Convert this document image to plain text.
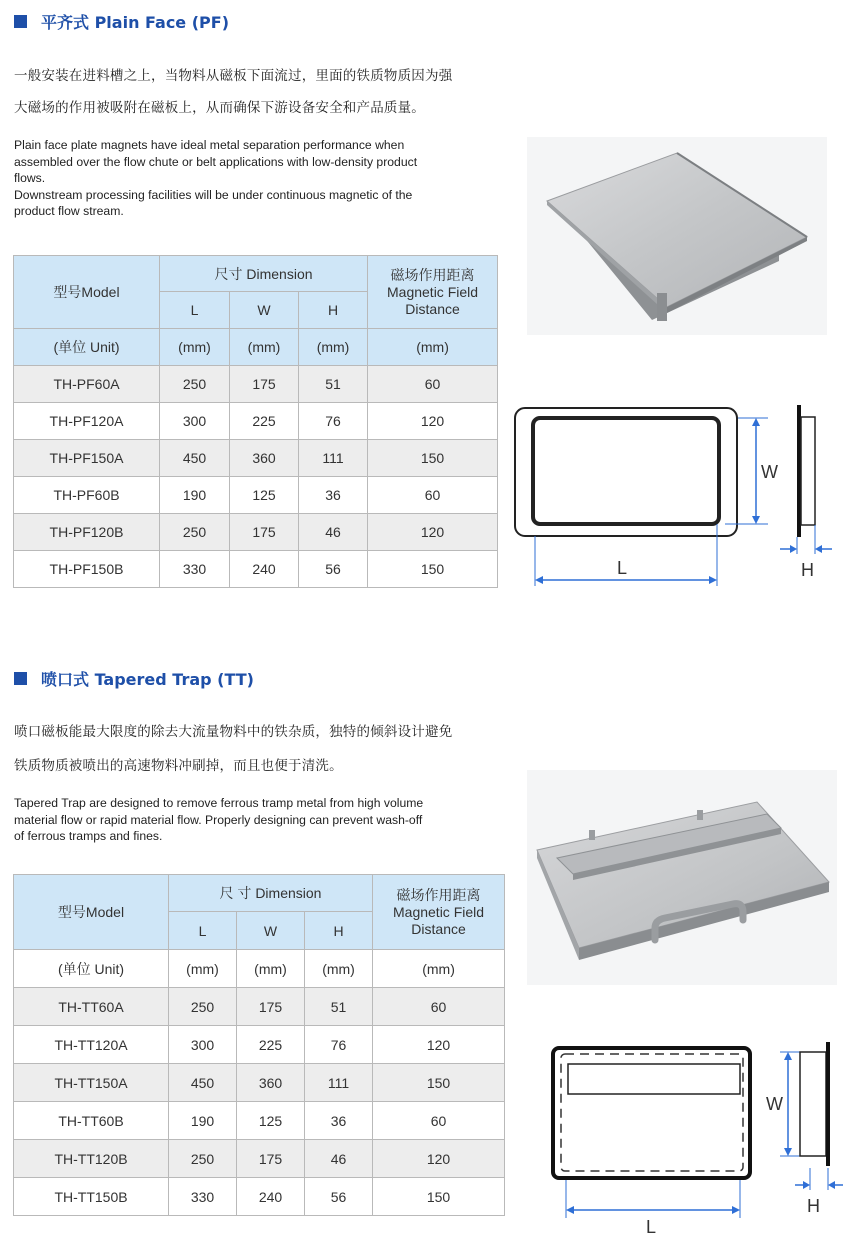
平齐式 Plain Face (PF)
一般安装在进料槽之上，当物料从磁板下面流过，里面的铁质物质因为强
大磁场的作用被吸附在磁板上，从而确保下游设备安全和产品质量。
Plain face plate magnets have ideal metal separation performance when
assembled over the flow chute or belt applications with low-density product
flows.
Downstream processing facilities will be under continuous magnetic of the
product flow stream.
型号Model	尺寸 Dimension			磁场作用距离
Magnetic Field
Distance

	L	W	H	
(单位 Unit)	(mm)	(mm)	(mm)	(mm)
TH-PF60A	250	175	51	60
TH-PF120A	300	225	76	120
TH-PF150A	450	360	111	150
TH-PF60B	190	125	36	60
TH-PF120B	250	175	46	120
TH-PF150B	330	240	56	150
W
L	H
喷口式 Tapered Trap (TT)
喷口磁板能最大限度的除去大流量物料中的铁杂质，独特的倾斜设计避免
铁质物质被喷出的高速物料冲刷掉，而且也便于清洗。
Tapered Trap are designed to remove ferrous tramp metal from high volume
material flow or rapid material flow. Properly designing can prevent wash-off
of ferrous tramps and fines.
型号Model	尺 寸 Dimension			磁场作用距离
Magnetic Field
Distance

	L	W	H	
(单位 Unit)	(mm)	(mm)	(mm)	(mm)
TH-TT60A	250	175	51	60
TH-TT120A	300	225	76	120
TH-TT150A	450	360	111	150
TH-TT60B	190	125	36	60
TH-TT120B	250	175	46	120
TH-TT150B	330	240	56	150
W
L
H
